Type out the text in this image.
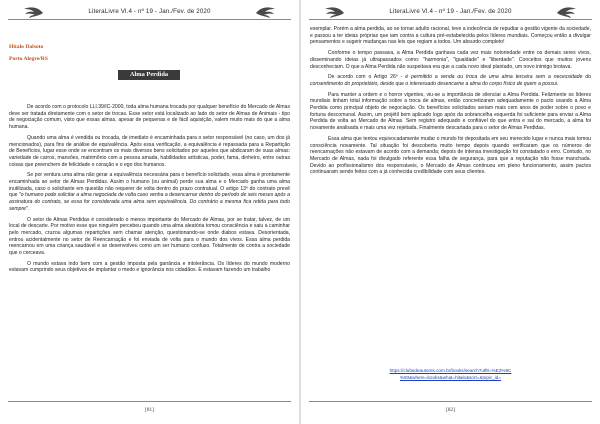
LiteraLivre Vl.4 - nº 19 - Jan./Fev. de 2020
Hitalo Dalsoto
Porto Alegre/RS
Alma Perdida

De acordo com o protocolo LLI.39/IC-2000, toda alma humana trocada por qualquer benefício do Mercado de Almas deve ser tratada diretamente com o setor de trocas. Esse setor está localizado ao lado do setor de Almas de Animais - tipo de negociação comum, visto que essas almas, apesar de pequenas e de fácil aquisição, valem muito mais do que a alma humana.

Quando uma alma é vendida ou trocada, de imediato é encaminhada para o setor responsável (no caso, um dos já mencionados), para fins de análise de equivalência. Após essa verificação, a equivalência é repassada para a Repartição de Benefícios, lugar esse onde se encontram os mais diversos bens solicitados por aqueles que abdicaram de suas almas: variedade de carros, mansões, matrimônio com a pessoa amada, habilidades artísticas, poder, fama, dinheiro, entre outras coisas que preenchem de felicidade o coração e o ego dos humanos.

Se por ventura uma alma não gerar a equivalência necessária para o benefício solicitado, essa alma é prontamente encaminhada ao setor de Almas Perdidas. Assim o humano (ou animal) perde sua alma e o Mercado ganha uma alma inutilizada, caso o solicitante em questão não requerer de volta dentro do prazo contratual. O artigo 13º do contrato prevê que "o humano pode solicitar a alma negociada de volta caso venha a desencarnar dentro do período de seis meses após a assinatura do contrato, se essa for considerada uma alma sem equivalência. Do contrário a mesma fica retida para todo sempre".

O setor de Almas Perdidas é considerado o menos importante do Mercado de Almas, por se tratar, talvez, de um local de descarte. Por motivo esse que ninguém percebeu quando uma alma aleatória tomou consciência e saiu a caminhar pelo mercado, cruzou algumas repartições sem chamar atenção, questionando-se onde diabos estava. Desorientada, entrou acidentalmente no setor de Reencarnação e foi enviada de volta para o mundo dos vivos. Essa alma perdida reencarnou em uma criança saudável e se desenvolveu como um ser humano confuso. Totalmente de contra a sociedade que o cerceava.

O mundo estava indo bem com a gestão imposta pela ganância e intolerância. Os líderes do mundo moderno estavam cumprindo seus objetivos de implantar o medo e ignorância nos cidadãos. E estavam fazendo um trabalho

[81]
LiteraLivre Vl.4 - nº 19 - Jan./Fev. de 2020

exemplar. Porém a alma perdida, ao se tornar adulto racional, teve a indecência de repudiar a gestão vigente da sociedade, e passou a ter ideias próprias que iam contra a cultura pré-estabelecida pelos líderes mundiais. Começou então a divulgar pensamentos e sugerir mudanças nas leis que regiam a todos. Um absurdo completo!

Conforme o tempo passava, a Alma Perdida ganhava cada vez mais notoriedade entre os demais seres vivos, disseminando ideias já ultrapassados como: "harmonia", "igualdade" e "liberdade". Conceitos que muitos jovens desconheciam. O que a Alma Perdida não suspeitava era que a cada novo ideal plantado, um novo inimigo brotava.

De acordo com o Artigo 26º - é permitido a venda ou troca de uma alma terceira sem a necessidade do consentimento do proprietário, desde que o interessado desencarne a alma do corpo físico de quem a possui.

Para manter a ordem e o horror vigentes, viu-se a importância de silenciar a Alma Perdida. Felizmente os líderes mundiais tinham total informação sobre a troca de almas, então concretizaram adequadamente o pacto usando a Alma Perdida como principal objeto de negociação. Os benefícios solicitados seriam mais cem anos de poder sobre o povo e fortuna descomunal. Assim, um projétil bem aplicado logo após da sobrancelha esquerda foi suficiente para enviar a Alma Perdida de volta ao Mercado de Almas. Sem registro adequado e confiável do que entra e sai do mercado, a alma foi novamente analisada e mais uma vez rejeitada. Finalmente descartada para o setor de Almas Perdidas.

Essa alma que tentou equivocadamente mudar o mundo foi depositada em seu merecido lugar e nunca mais tomou consciência novamente. Tal situação foi descoberta muito tempo depois quando verificaram que os números de reencarnações não estavam de acordo com a demanda; depois de intensa investigação foi constatado o erro. Contudo, no Mercado de Almas, nada foi divulgado referente essa falha de segurança, para que a reputação não fosse manchada. Devido ao profissionalismo dos responsáveis, o Mercado de Almas continuou em pleno funcionamento, assim pactos continuaram sendo feitos com a já conhecida credibilidade com seus clientes.

https://clubedeautores.com.br/books/search?utf8=%E2%9C
%93&where=books&what=hitalo&sort=&topic_id=
[82]
